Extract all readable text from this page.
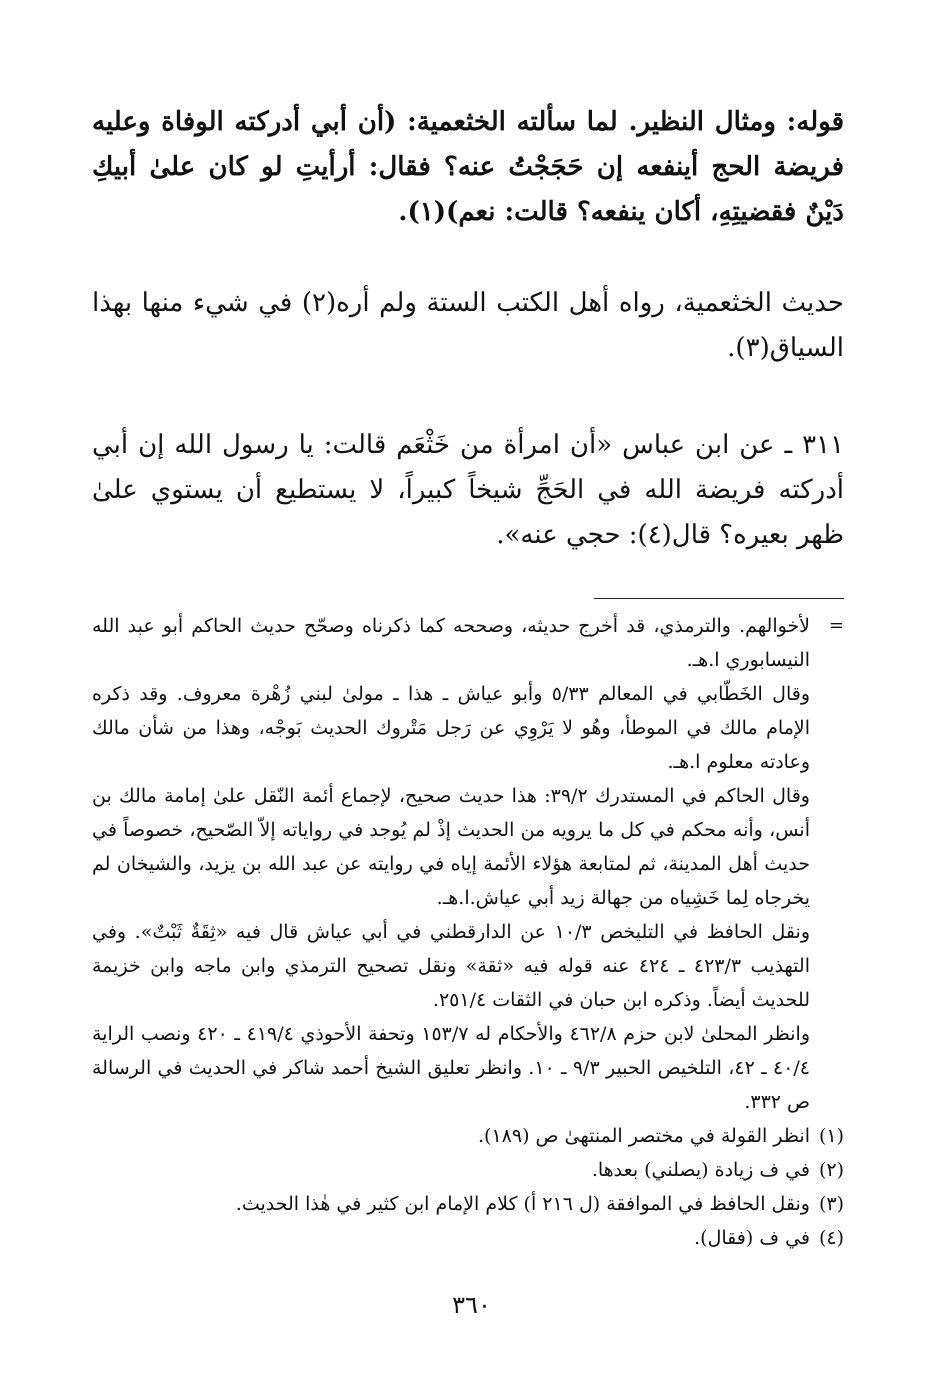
قوله: ومثال النظير. لما سألته الخثعمية: (أن أبي أدركته الوفاة وعليه فريضة الحج أينفعه إن حَجَجْتُ عنه؟ فقال: أرأيتِ لو كان علىٰ أبيكِ دَيْنٌ فقضيتِهِ، أكان ينفعه؟ قالت: نعم)(١).

حديث الخثعمية، رواه أهل الكتب الستة ولم أره(٢) في شيء منها بهذا السياق(٣).

٣١١ ـ عن ابن عباس «أن امرأة من خَثْعَم قالت: يا رسول الله إن أبي أدركته فريضة الله في الحَجِّ شيخاً كبيراً، لا يستطيع أن يستوي علىٰ ظهر بعيره؟ قال(٤): حجي عنه».

=

لأخوالهم. والترمذي، قد أخرج حديثه، وصححه كما ذكرناه وصحّح حديث الحاكم أبو عبد الله النيسابوري ا.هـ.

وقال الخَطّابي في المعالم ٥/٣٣ وأبو عياش ـ هذا ـ مولىٰ لبني زُهْرة معروف. وقد ذكره الإمام مالك في الموطأ، وهُو لا يَرْوِي عن رَجل مَتْروك الحديث بَوجْه، وهذا من شأن مالك وعادته معلوم ا.هـ.

وقال الحاكم في المستدرك ٣٩/٢: هذا حديث صحيح، لإجماع أئمة النّقل علىٰ إمامة مالك بن أنس، وأنه محكم في كل ما يرويه من الحديث إذْ لم يُوجد في رواياته إلاّ الصّحيح، خصوصاً في حديث أهل المدينة، ثم لمتابعة هؤلاء الأئمة إياه في روايته عن عبد الله بن يزيد، والشيخان لم يخرجاه لِما خَشِياه من جهالة زيد أبي عياش.ا.هـ.

ونقل الحافظ في التليخص ١٠/٣ عن الدارقطني في أبي عياش قال فيه «ثِقَةٌ ثَبْتٌ». وفي التهذيب ٤٢٣/٣ ـ ٤٢٤ عنه قوله فيه «ثقة» ونقل تصحيح الترمذي وابن ماجه وابن خزيمة للحديث أيضاً. وذكره ابن حبان في الثقات ٢٥١/٤.

وانظر المحلىٰ لابن حزم ٤٦٢/٨ والأحكام له ١٥٣/٧ وتحفة الأحوذي ٤١٩/٤ ـ ٤٢٠ ونصب الراية ٤٠/٤ ـ ٤٢، التلخيص الحبير ٩/٣ ـ ١٠. وانظر تعليق الشيخ أحمد شاكر في الحديث في الرسالة ص ٣٣٢.

(١)
انظر القولة في مختصر المنتهىٰ ص (١٨٩).
(٢)
في ف زيادة (يصلني) بعدها.
(٣)
ونقل الحافظ في الموافقة (ل ٢١٦ أ) كلام الإمام ابن كثير في هٰذا الحديث.
(٤)
في ف (فقال).
٣٦٠
